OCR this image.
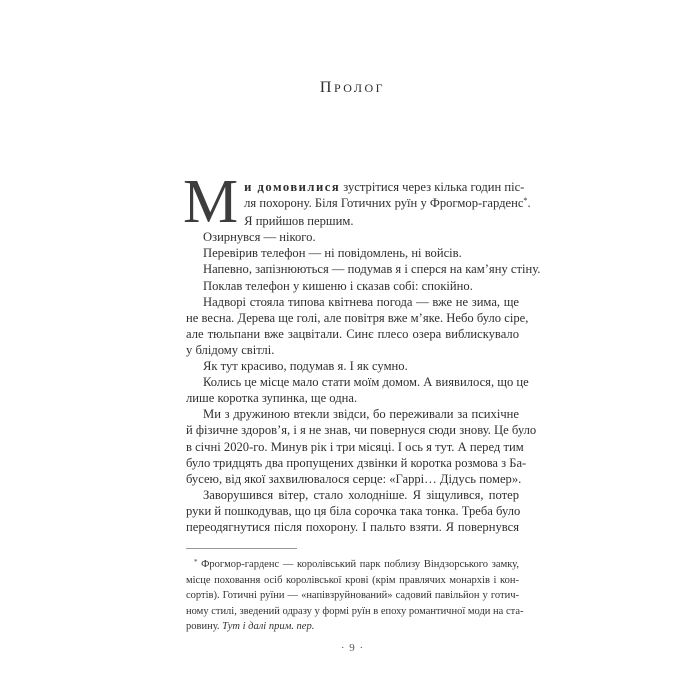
ПРОЛОГ
М и домовилися зустрітися через кілька годин піс-
ля похорону. Біля Готичних руїн у Фрогмор-гарденс*.
Я прийшов першим.
Озирнувся — нікого.
Перевірив телефон — ні повідомлень, ні войсів.
Напевно, запізнюються — подумав я і сперся на кам’яну стіну.
Поклав телефон у кишеню і сказав собі: спокійно.
Надворі стояла типова квітнева погода — вже не зима, ще
не весна. Дерева ще голі, але повітря вже м’яке. Небо було сіре,
але тюльпани вже зацвітали. Синє плесо озера виблискувало
у блідому світлі.
Як тут красиво, подумав я. І як сумно.
Колись це місце мало стати моїм домом. А виявилося, що це
лише коротка зупинка, ще одна.
Ми з дружиною втекли звідси, бо переживали за психічне
й фізичне здоров’я, і я не знав, чи повернуся сюди знову. Це було
в січні 2020-го. Минув рік і три місяці. І ось я тут. А перед тим
було тридцять два пропущених дзвінки й коротка розмова з Ба-
бусею, від якої захвилювалося серце: «Гаррі… Дідусь помер».
Заворушився вітер, стало холодніше. Я зіщулився, потер
руки й пошкодував, що ця біла сорочка така тонка. Треба було
переодягнутися після похорону. І пальто взяти. Я повернувся
* Фрогмор-гарденс — королівський парк поблизу Віндзорського замку,
місце поховання осіб королівської крові (крім правлячих монархів і кон-
сортів). Готичні руїни — «напівзруйнований» садовий павільйон у готич-
ному стилі, зведений одразу у формі руїн в епоху романтичної моди на ста-
ровину. Тут і далі прим. пер.
· 9 ·
